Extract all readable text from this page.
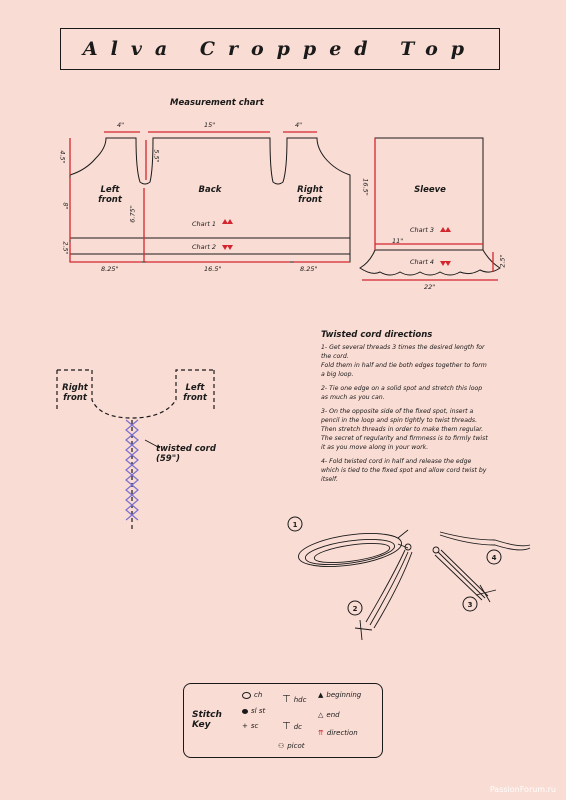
Alva Cropped Top
Measurement chart
1
2	3
4
4"	15"	4"
4.5"	5.5"
8"	6.75"
2.5"
8.25"	16.5"	8.25"
Left front
Back	Right front
Chart 1
Chart 2
Sleeve
16.5"
11"
2.5"
22"
Chart 3
Chart 4
Right front
Left front
twisted cord (59")
Twisted cord directions

1- Get several threads 3 times the desired length for the cord.

Fold them in half and tie both edges together to form a big loop.

2- Tie one edge on a solid spot and stretch this loop as much as you can.

3- On the opposite side of the fixed spot, insert a pencil in the loop and spin tightly to twist threads. Then stretch threads in order to make them regular. The secret of regularity and firmness is to firmly twist it as you move along in your work.

4- Fold twisted cord in half and release the edge which is tied to the fixed spot and allow cord twist by itself.

Stitch Key
ch
sl st
+ sc
⊤ hdc
⊤ dc
⚇ picot
▲ beginning
△ end
⇈ direction
PassionForum.ru
